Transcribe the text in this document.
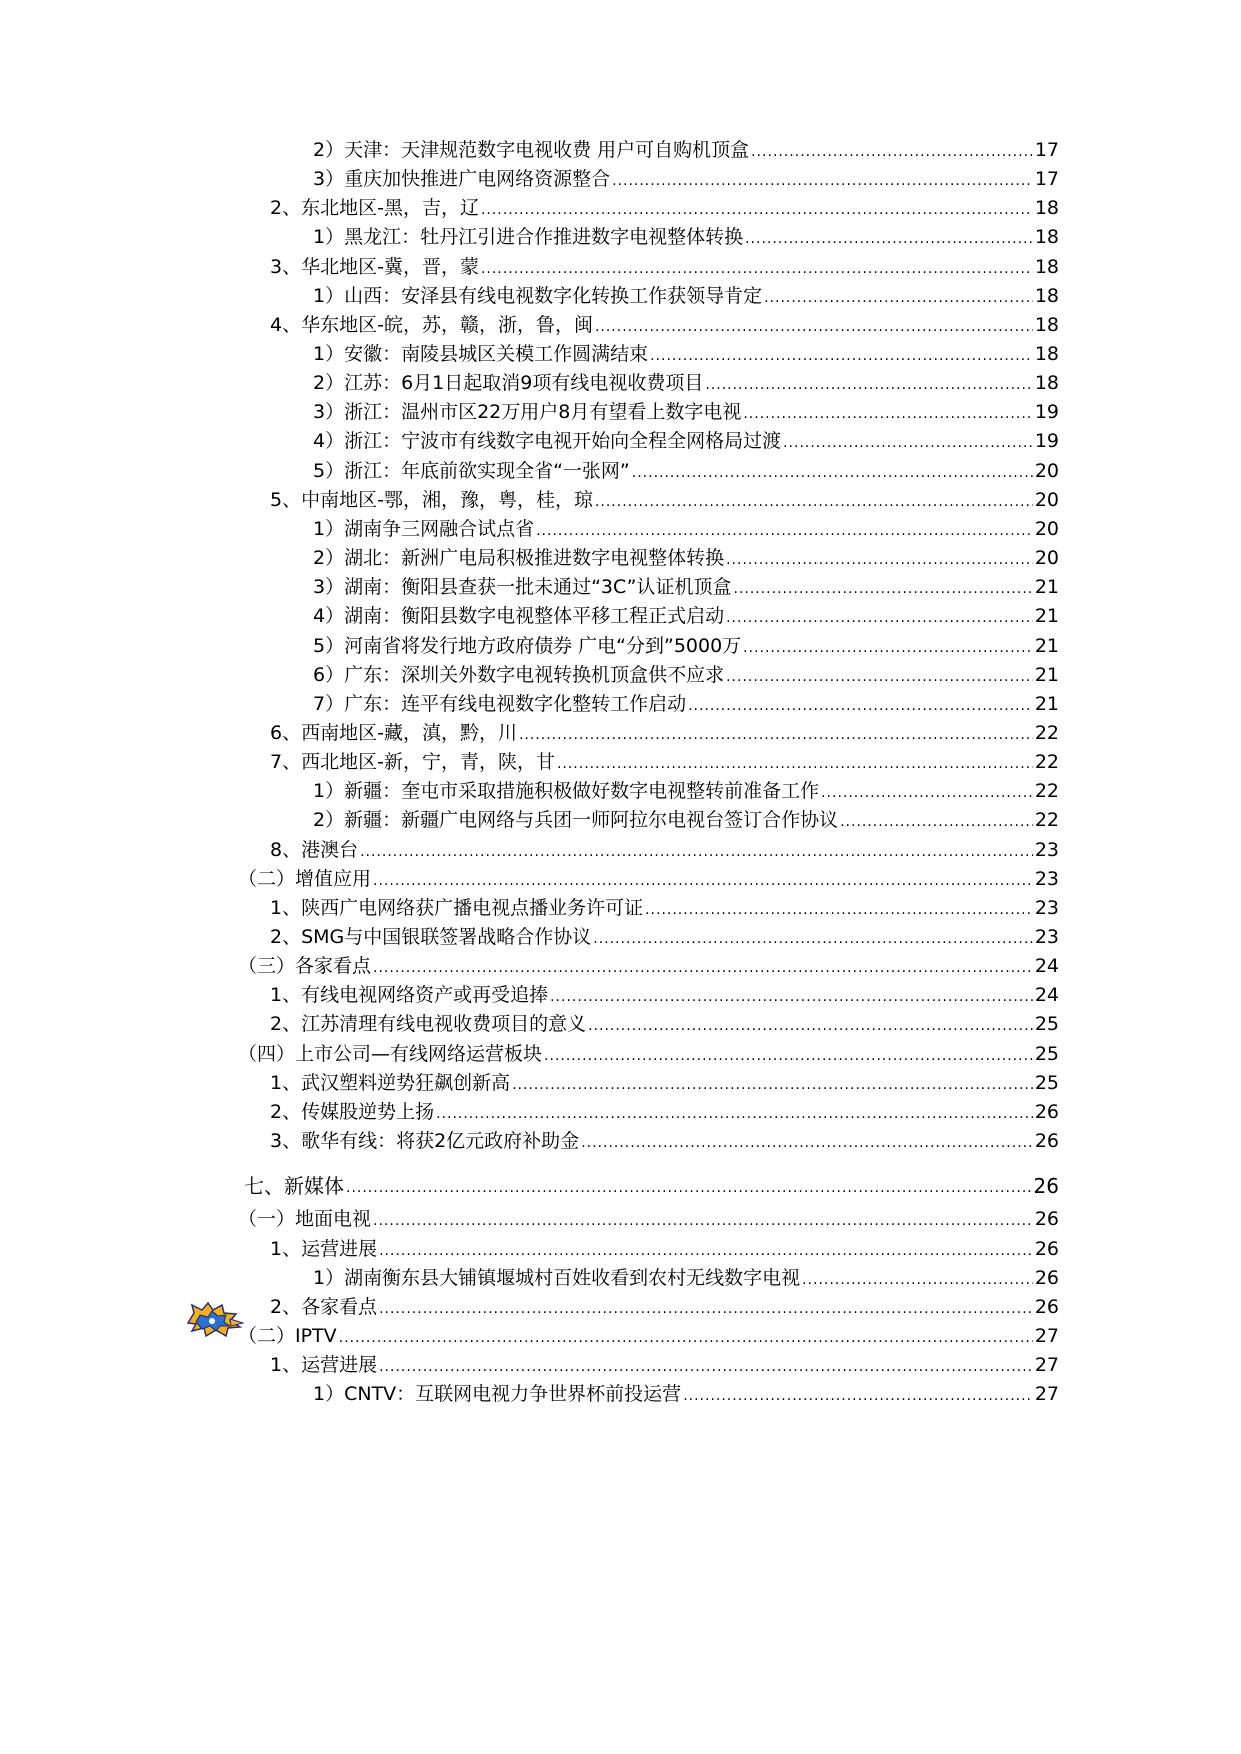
2）天津：天津规范数字电视收费 用户可自购机顶盒 .....	17
3）重庆加快推进广电网络资源整合 .....	17
2、东北地区-黑，吉，辽 .....	18
1）黑龙江：牡丹江引进合作推进数字电视整体转换 .....	18
3、华北地区-冀，晋，蒙 .....	18
1）山西：安泽县有线电视数字化转换工作获领导肯定 .....	18
4、华东地区-皖，苏，赣，浙，鲁，闽 .....	18
1）安徽：南陵县城区关模工作圆满结束 .....	18
2）江苏：6月1日起取消9项有线电视收费项目 .....	18
3）浙江：温州市区22万用户8月有望看上数字电视 .....	19
4）浙江：宁波市有线数字电视开始向全程全网格局过渡 .....	19
5）浙江：年底前欲实现全省“一张网” .....	20
5、中南地区-鄂，湘，豫，粤，桂，琼 .....	20
1）湖南争三网融合试点省 .....	20
2）湖北：新洲广电局积极推进数字电视整体转换 .....	20
3）湖南：衡阳县查获一批未通过“3C”认证机顶盒 .....	21
4）湖南：衡阳县数字电视整体平移工程正式启动 .....	21
5）河南省将发行地方政府债券 广电“分到”5000万 .....	21
6）广东：深圳关外数字电视转换机顶盒供不应求 .....	21
7）广东：连平有线电视数字化整转工作启动 .....	21
6、西南地区-藏，滇，黔，川 .....	22
7、西北地区-新，宁，青，陕，甘 .....	22
1）新疆：奎屯市采取措施积极做好数字电视整转前准备工作 .....	22
2）新疆：新疆广电网络与兵团一师阿拉尔电视台签订合作协议 .....	22
8、港澳台 .....	23
（二）增值应用 .....	23
1、陕西广电网络获广播电视点播业务许可证 .....	23
2、SMG与中国银联签署战略合作协议 .....	23
（三）各家看点 .....	24
1、有线电视网络资产或再受追捧 .....	24
2、江苏清理有线电视收费项目的意义 .....	25
（四）上市公司—有线网络运营板块 .....	25
1、武汉塑料逆势狂飙创新高 .....	25
2、传媒股逆势上扬 .....	26
3、歌华有线：将获2亿元政府补助金 .....	26
七、新媒体 .....	26
（一）地面电视 .....	26
1、运营进展 .....	26
1）湖南衡东县大铺镇堰城村百姓收看到农村无线数字电视 .....	26
2、各家看点 .....	26
（二）IPTV .....	27
1、运营进展 .....	27
1）CNTV：互联网电视力争世界杯前投运营 .....	27
